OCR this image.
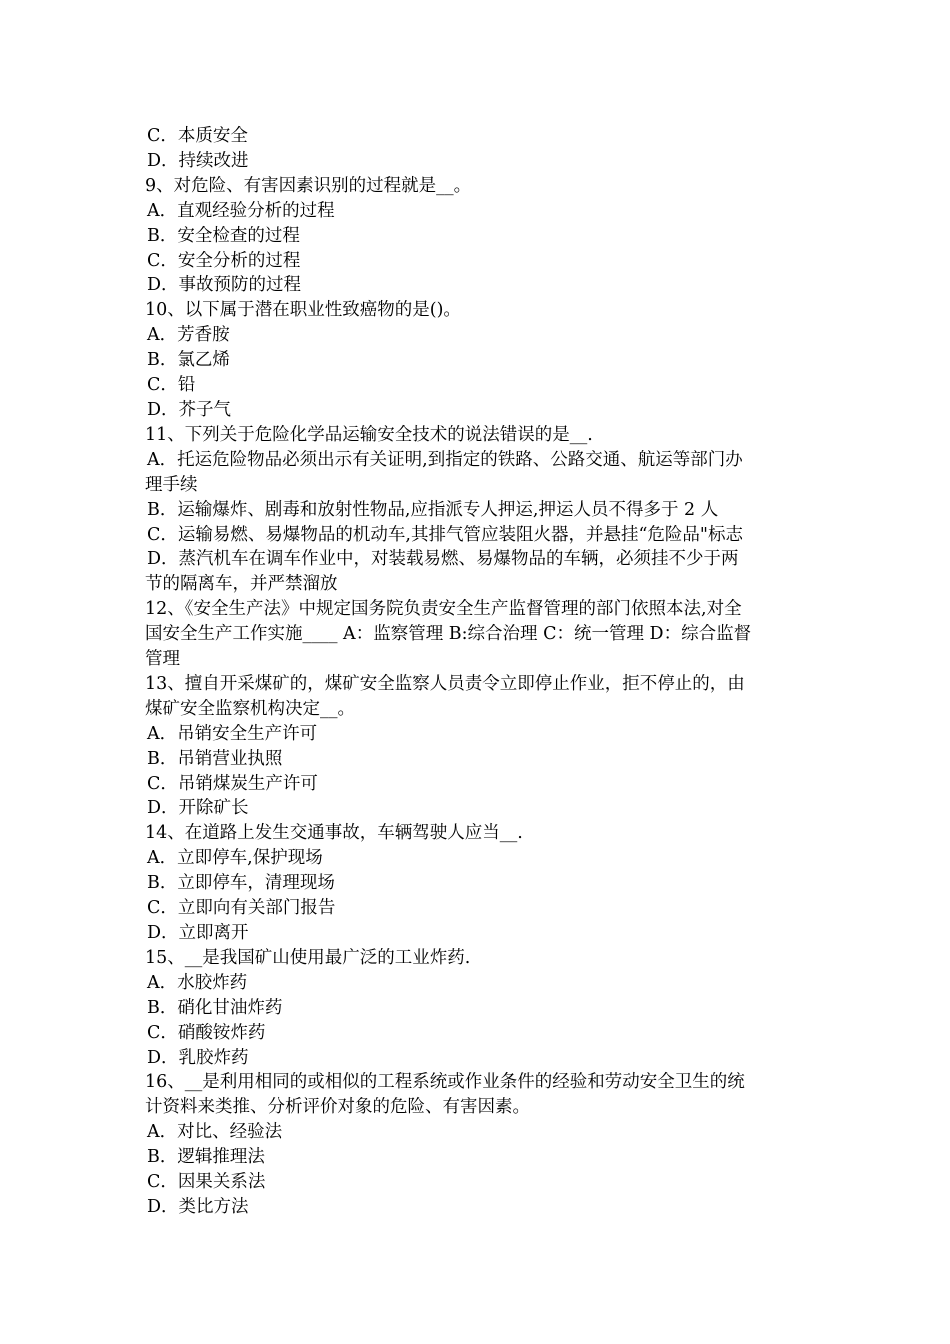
C．本质安全
D．持续改进
9、对危险、有害因素识别的过程就是__。
A．直观经验分析的过程
B．安全检查的过程
C．安全分析的过程
D．事故预防的过程
10、以下属于潜在职业性致癌物的是()。
A．芳香胺
B．氯乙烯
C．铅
D．芥子气
11、下列关于危险化学品运输安全技术的说法错误的是__.
A．托运危险物品必须出示有关证明,到指定的铁路、公路交通、航运等部门办
理手续
B．运输爆炸、剧毒和放射性物品,应指派专人押运,押运人员不得多于 2 人
C．运输易燃、易爆物品的机动车,其排气管应装阻火器，并悬挂“危险品"标志
D．蒸汽机车在调车作业中，对装载易燃、易爆物品的车辆，必须挂不少于两
节的隔离车，并严禁溜放
12、《安全生产法》中规定国务院负责安全生产监督管理的部门依照本法,对全
国安全生产工作实施____ A：监察管理 B:综合治理 C：统一管理 D：综合监督
管理
13、擅自开采煤矿的，煤矿安全监察人员责令立即停止作业，拒不停止的，由
煤矿安全监察机构决定__。
A．吊销安全生产许可
B．吊销营业执照
C．吊销煤炭生产许可
D．开除矿长
14、在道路上发生交通事故，车辆驾驶人应当__.
A．立即停车,保护现场
B．立即停车，清理现场
C．立即向有关部门报告
D．立即离开
15、__是我国矿山使用最广泛的工业炸药.
A．水胶炸药
B．硝化甘油炸药
C．硝酸铵炸药
D．乳胶炸药
16、__是利用相同的或相似的工程系统或作业条件的经验和劳动安全卫生的统
计资料来类推、分析评价对象的危险、有害因素。
A．对比、经验法
B．逻辑推理法
C．因果关系法
D．类比方法
